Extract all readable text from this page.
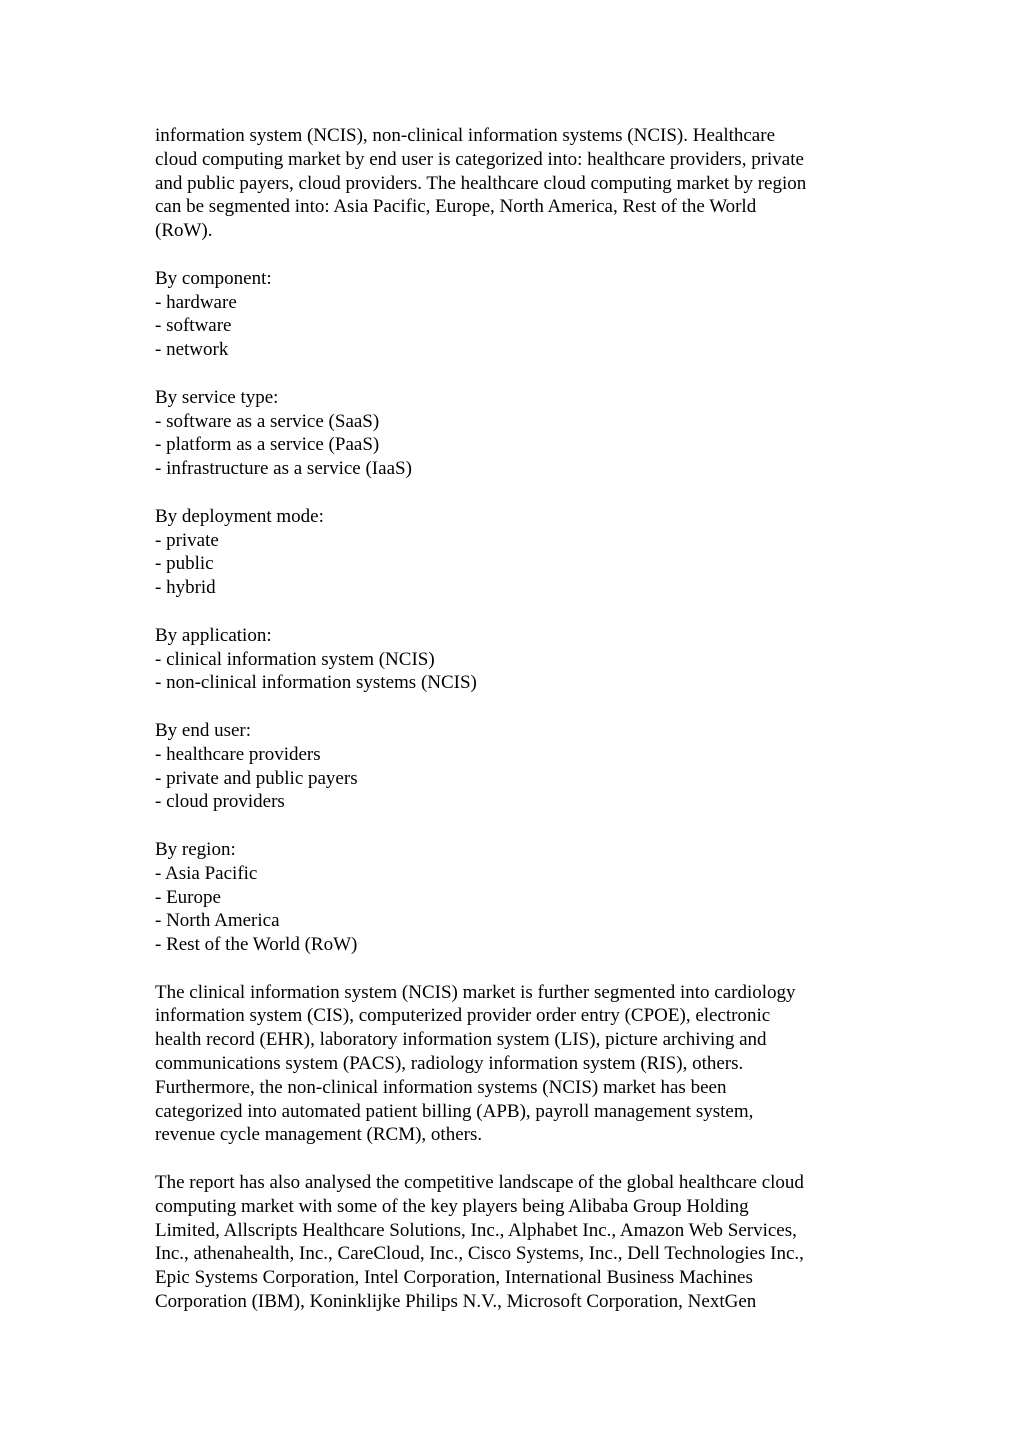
information system (NCIS), non-clinical information systems (NCIS). Healthcare
cloud computing market by end user is categorized into: healthcare providers, private
and public payers, cloud providers. The healthcare cloud computing market by region
can be segmented into: Asia Pacific, Europe, North America, Rest of the World
(RoW).
By component:
- hardware
- software
- network
By service type:
- software as a service (SaaS)
- platform as a service (PaaS)
- infrastructure as a service (IaaS)
By deployment mode:
- private
- public
- hybrid
By application:
- clinical information system (NCIS)
- non-clinical information systems (NCIS)
By end user:
- healthcare providers
- private and public payers
- cloud providers
By region:
- Asia Pacific
- Europe
- North America
- Rest of the World (RoW)
The clinical information system (NCIS) market is further segmented into cardiology
information system (CIS), computerized provider order entry (CPOE), electronic
health record (EHR), laboratory information system (LIS), picture archiving and
communications system (PACS), radiology information system (RIS), others.
Furthermore, the non-clinical information systems (NCIS) market has been
categorized into automated patient billing (APB), payroll management system,
revenue cycle management (RCM), others.
The report has also analysed the competitive landscape of the global healthcare cloud
computing market with some of the key players being Alibaba Group Holding
Limited, Allscripts Healthcare Solutions, Inc., Alphabet Inc., Amazon Web Services,
Inc., athenahealth, Inc., CareCloud, Inc., Cisco Systems, Inc., Dell Technologies Inc.,
Epic Systems Corporation, Intel Corporation, International Business Machines
Corporation (IBM), Koninklijke Philips N.V., Microsoft Corporation, NextGen
